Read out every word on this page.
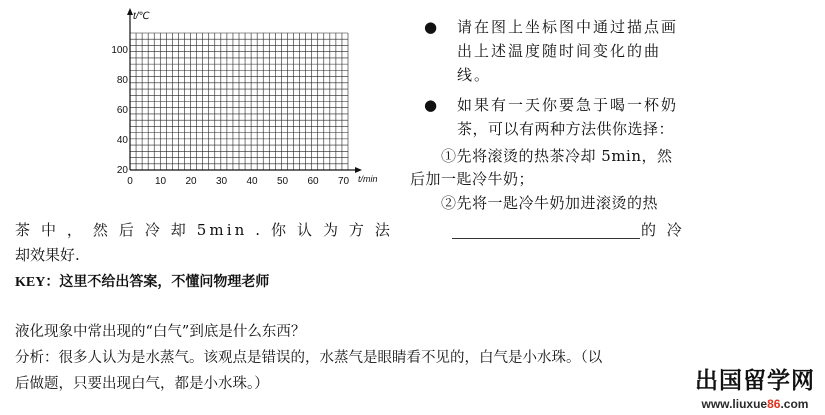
t/℃
t/min
100
80
60
40
20
0 10 20 30 40 50 60 70
● 请在图上坐标图中通过描点画
出上述温度随时间变化的曲
线。
● 如果有一天你要急于喝一杯奶
茶，可以有两种方法供你选择：
①先将滚烫的热茶冷却 5min，然
后加一匙冷牛奶；
②先将一匙冷牛奶加进滚烫的热
茶 中 ， 然 后 冷 却 5min . 你 认 为 方 法	的 冷
却效果好.
KEY：这里不给出答案，不懂问物理老师
液化现象中常出现的“白气”到底是什么东西？
分析：很多人认为是水蒸气。该观点是错误的，水蒸气是眼睛看不见的，白气是小水珠。（以
后做题，只要出现白气，都是小水珠。）	出国留学网
www.liuxue86.com
